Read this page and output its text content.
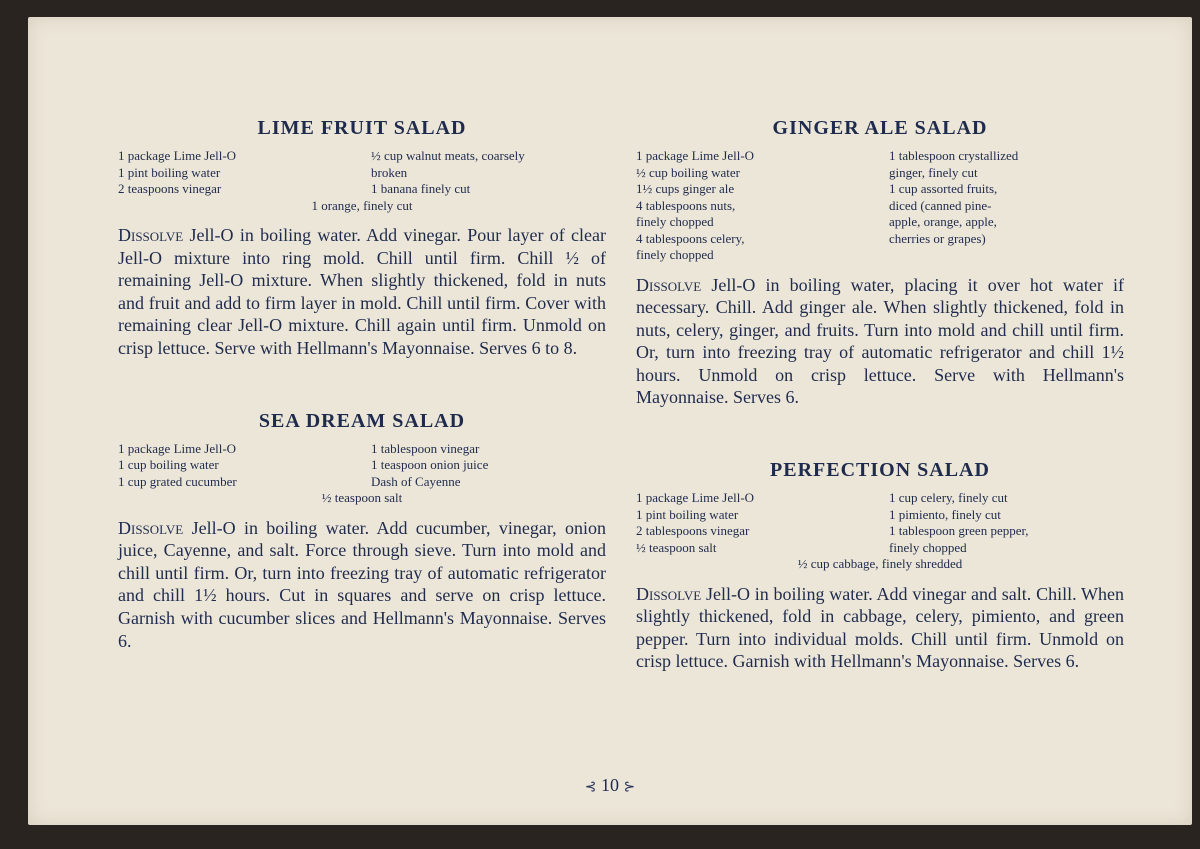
LIME FRUIT SALAD
1 package Lime Jell-O
1 pint boiling water
2 teaspoons vinegar
½ cup walnut meats, coarsely
broken
1 banana finely cut
1 orange, finely cut

Dissolve Jell-O in boiling water. Add vinegar. Pour layer of clear Jell-O mixture into ring mold. Chill until firm. Chill ½ of remaining Jell-O mixture. When slightly thickened, fold in nuts and fruit and add to firm layer in mold. Chill until firm. Cover with remaining clear Jell-O mixture. Chill again until firm. Unmold on crisp lettuce. Serve with Hellmann's Mayonnaise. Serves 6 to 8.

SEA DREAM SALAD
1 package Lime Jell-O
1 cup boiling water
1 cup grated cucumber
1 tablespoon vinegar
1 teaspoon onion juice
Dash of Cayenne
½ teaspoon salt

Dissolve Jell-O in boiling water. Add cucumber, vinegar, onion juice, Cayenne, and salt. Force through sieve. Turn into mold and chill until firm. Or, turn into freezing tray of automatic refrigerator and chill 1½ hours. Cut in squares and serve on crisp lettuce. Garnish with cucumber slices and Hellmann's Mayonnaise. Serves 6.

GINGER ALE SALAD
1 package Lime Jell-O
½ cup boiling water
1½ cups ginger ale
4 tablespoons nuts,
finely chopped
4 tablespoons celery,
finely chopped
1 tablespoon crystallized
ginger, finely cut
1 cup assorted fruits,
diced (canned pine-
apple, orange, apple,
cherries or grapes)

Dissolve Jell-O in boiling water, placing it over hot water if necessary. Chill. Add ginger ale. When slightly thickened, fold in nuts, celery, ginger, and fruits. Turn into mold and chill until firm. Or, turn into freezing tray of automatic refrigerator and chill 1½ hours. Unmold on crisp lettuce. Serve with Hellmann's Mayonnaise. Serves 6.

PERFECTION SALAD
1 package Lime Jell-O
1 pint boiling water
2 tablespoons vinegar
½ teaspoon salt
1 cup celery, finely cut
1 pimiento, finely cut
1 tablespoon green pepper,
finely chopped
½ cup cabbage, finely shredded

Dissolve Jell-O in boiling water. Add vinegar and salt. Chill. When slightly thickened, fold in cabbage, celery, pimiento, and green pepper. Turn into individual molds. Chill until firm. Unmold on crisp lettuce. Garnish with Hellmann's Mayonnaise. Serves 6.

⊰ 10 ⊱
